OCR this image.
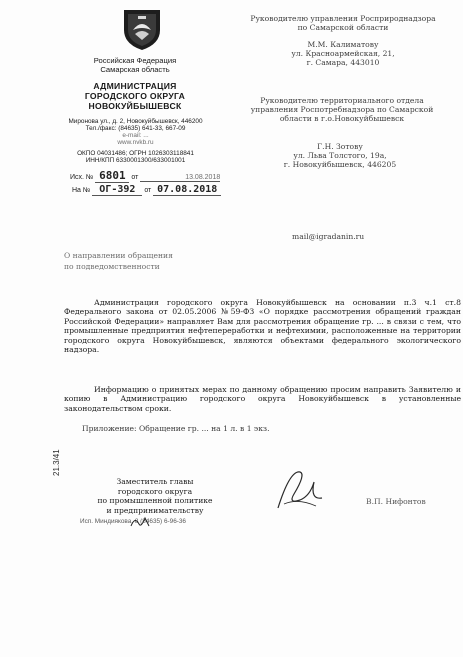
Российская Федерация
Самарская область
АДМИНИСТРАЦИЯ
ГОРОДСКОГО ОКРУГА
НОВОКУЙБЫШЕВСК
Миронова ул., д. 2, Новокуйбышевск, 446200
Тел./факс: (84635) 641-33, 667-09
e-mail: ...
www.nvkb.ru
ОКПО 04031486; ОГРН 1026303118841
ИНН/КПП 6330001300/633001001
Исх. № 6801 от	13.08.2018
На № ОГ-392 от 07.08.2018
Руководителю управления Росприроднадзора
по Самарской области
М.М. Калиматову
ул. Красноармейская, 21,
г. Самара, 443010
Руководителю территориального отдела
управления Роспотребнадзора по Самарской
области в г.о.Новокуйбышевск
Г.Н. Зотову
ул. Льва Толстого, 19а,
г. Новокуйбышевск, 446205
mail@igradanin.ru
О направлении обращения
по подведомственности

Администрация городского округа Новокуйбышевск на основании п.3 ч.1 ст.8 Федерального закона от 02.05.2006 №59-ФЗ «О порядке рассмотрения обращений граждан Российской Федерации» направляет Вам для рассмотрения обращение гр. ... в связи с тем, что промышленные предприятия нефтепереработки и нефтехимии, расположенные на территории городского округа Новокуйбышевск, являются объектами федерального экологического надзора.

Информацию о принятых мерах по данному обращению просим направить Заявителю и копию в Администрацию городского округа Новокуйбышевск в установленные законодательством сроки.

Приложение: Обращение гр. ... на 1 л. в 1 экз.
21.3/41
Заместитель главы
городского округа
по промышленной политике
и предпринимательству
В.П. Нифонтов
Исп. Миндиякова, 8 (84635) 6-96-36
